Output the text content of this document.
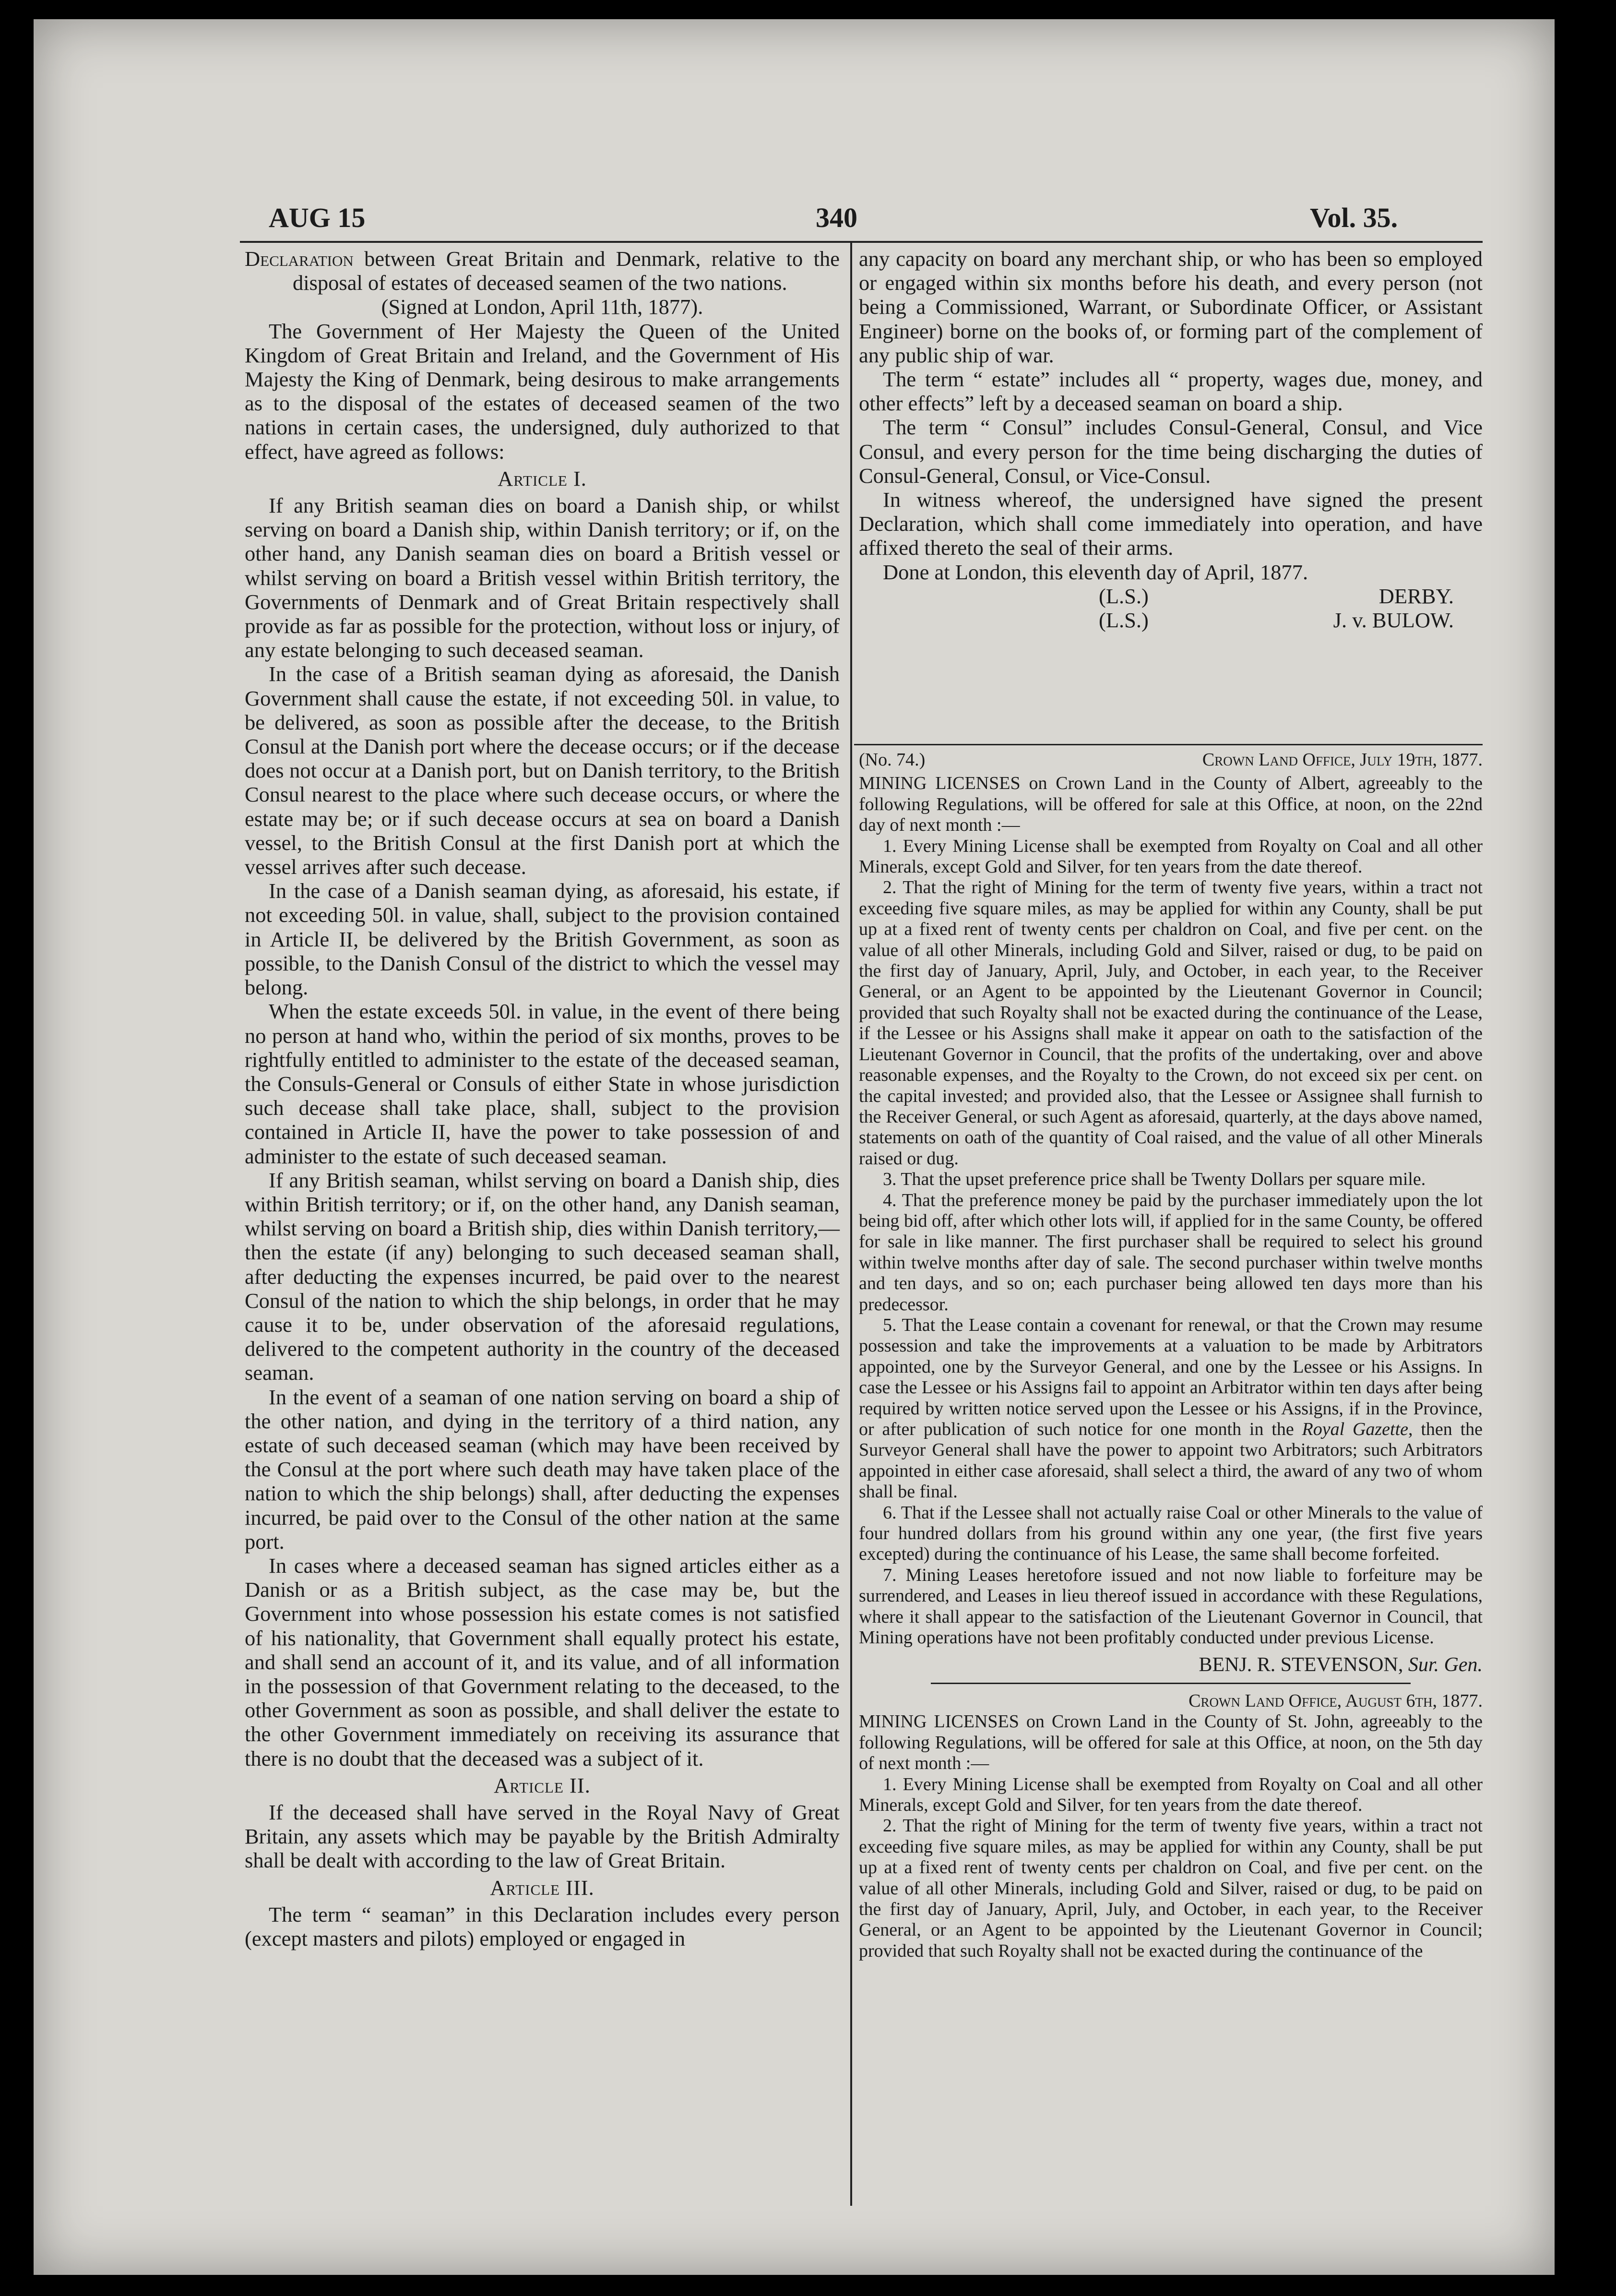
AUG 15	340	Vol. 35.

Declaration between Great Britain and Denmark, relative to the disposal of estates of deceased seamen of the two nations.

(Signed at London, April 11th, 1877).

The Government of Her Majesty the Queen of the United Kingdom of Great Britain and Ireland, and the Government of His Majesty the King of Denmark, being desirous to make arrangements as to the disposal of the estates of deceased seamen of the two nations in certain cases, the undersigned, duly authorized to that effect, have agreed as follows:

Article I.

If any British seaman dies on board a Danish ship, or whilst serving on board a Danish ship, within Danish territory; or if, on the other hand, any Danish seaman dies on board a British vessel or whilst serving on board a British vessel within British territory, the Governments of Denmark and of Great Britain respectively shall provide as far as possible for the protection, without loss or injury, of any estate belonging to such deceased seaman.

In the case of a British seaman dying as aforesaid, the Danish Government shall cause the estate, if not exceeding 50l. in value, to be delivered, as soon as possible after the decease, to the British Consul at the Danish port where the decease occurs; or if the decease does not occur at a Danish port, but on Danish territory, to the British Consul nearest to the place where such decease occurs, or where the estate may be; or if such decease occurs at sea on board a Danish vessel, to the British Consul at the first Danish port at which the vessel arrives after such decease.

In the case of a Danish seaman dying, as aforesaid, his estate, if not exceeding 50l. in value, shall, subject to the provision contained in Article II, be delivered by the British Government, as soon as possible, to the Danish Consul of the district to which the vessel may belong.

When the estate exceeds 50l. in value, in the event of there being no person at hand who, within the period of six months, proves to be rightfully entitled to administer to the estate of the deceased seaman, the Consuls-General or Consuls of either State in whose jurisdiction such decease shall take place, shall, subject to the provision contained in Article II, have the power to take possession of and administer to the estate of such deceased seaman.

If any British seaman, whilst serving on board a Danish ship, dies within British territory; or if, on the other hand, any Danish seaman, whilst serving on board a British ship, dies within Danish territory,—then the estate (if any) belonging to such deceased seaman shall, after deducting the expenses incurred, be paid over to the nearest Consul of the nation to which the ship belongs, in order that he may cause it to be, under observation of the aforesaid regulations, delivered to the competent authority in the country of the deceased seaman.

In the event of a seaman of one nation serving on board a ship of the other nation, and dying in the territory of a third nation, any estate of such deceased seaman (which may have been received by the Consul at the port where such death may have taken place of the nation to which the ship belongs) shall, after deducting the expenses incurred, be paid over to the Consul of the other nation at the same port.

In cases where a deceased seaman has signed articles either as a Danish or as a British subject, as the case may be, but the Government into whose possession his estate comes is not satisfied of his nationality, that Government shall equally protect his estate, and shall send an account of it, and its value, and of all information in the possession of that Government relating to the deceased, to the other Government as soon as possible, and shall deliver the estate to the other Government immediately on receiving its assurance that there is no doubt that the deceased was a subject of it.

Article II.

If the deceased shall have served in the Royal Navy of Great Britain, any assets which may be payable by the British Admiralty shall be dealt with according to the law of Great Britain.

Article III.

The term “ seaman” in this Declaration includes every person (except masters and pilots) employed or engaged in

any capacity on board any merchant ship, or who has been so employed or engaged within six months before his death, and every person (not being a Commissioned, Warrant, or Subordinate Officer, or Assistant Engineer) borne on the books of, or forming part of the complement of any public ship of war.

The term “ estate” includes all “ property, wages due, money, and other effects” left by a deceased seaman on board a ship.

The term “ Consul” includes Consul-General, Consul, and Vice Consul, and every person for the time being discharging the duties of Consul-General, Consul, or Vice-Consul.

In witness whereof, the undersigned have signed the present Declaration, which shall come immediately into operation, and have affixed thereto the seal of their arms.

Done at London, this eleventh day of April, 1877.

(L.S.)	DERBY.
(L.S.)	J. v. BULOW.
(No. 74.)	Crown Land Office, July 19th, 1877.

MINING LICENSES on Crown Land in the County of Albert, agreeably to the following Regulations, will be offered for sale at this Office, at noon, on the 22nd day of next month :—

1. Every Mining License shall be exempted from Royalty on Coal and all other Minerals, except Gold and Silver, for ten years from the date thereof.

2. That the right of Mining for the term of twenty five years, within a tract not exceeding five square miles, as may be applied for within any County, shall be put up at a fixed rent of twenty cents per chaldron on Coal, and five per cent. on the value of all other Minerals, including Gold and Silver, raised or dug, to be paid on the first day of January, April, July, and October, in each year, to the Receiver General, or an Agent to be appointed by the Lieutenant Governor in Council; provided that such Royalty shall not be exacted during the continuance of the Lease, if the Lessee or his Assigns shall make it appear on oath to the satisfaction of the Lieutenant Governor in Council, that the profits of the undertaking, over and above reasonable expenses, and the Royalty to the Crown, do not exceed six per cent. on the capital invested; and provided also, that the Lessee or Assignee shall furnish to the Receiver General, or such Agent as aforesaid, quarterly, at the days above named, statements on oath of the quantity of Coal raised, and the value of all other Minerals raised or dug.

3. That the upset preference price shall be Twenty Dollars per square mile.

4. That the preference money be paid by the purchaser immediately upon the lot being bid off, after which other lots will, if applied for in the same County, be offered for sale in like manner. The first purchaser shall be required to select his ground within twelve months after day of sale. The second purchaser within twelve months and ten days, and so on; each purchaser being allowed ten days more than his predecessor.

5. That the Lease contain a covenant for renewal, or that the Crown may resume possession and take the improvements at a valuation to be made by Arbitrators appointed, one by the Surveyor General, and one by the Lessee or his Assigns. In case the Lessee or his Assigns fail to appoint an Arbitrator within ten days after being required by written notice served upon the Lessee or his Assigns, if in the Province, or after publication of such notice for one month in the Royal Gazette, then the Surveyor General shall have the power to appoint two Arbitrators; such Arbitrators appointed in either case aforesaid, shall select a third, the award of any two of whom shall be final.

6. That if the Lessee shall not actually raise Coal or other Minerals to the value of four hundred dollars from his ground within any one year, (the first five years excepted) during the continuance of his Lease, the same shall become forfeited.

7. Mining Leases heretofore issued and not now liable to forfeiture may be surrendered, and Leases in lieu thereof issued in accordance with these Regulations, where it shall appear to the satisfaction of the Lieutenant Governor in Council, that Mining operations have not been profitably conducted under previous License.

BENJ. R. STEVENSON, Sur. Gen.

Crown Land Office, August 6th, 1877.

MINING LICENSES on Crown Land in the County of St. John, agreeably to the following Regulations, will be offered for sale at this Office, at noon, on the 5th day of next month :—

1. Every Mining License shall be exempted from Royalty on Coal and all other Minerals, except Gold and Silver, for ten years from the date thereof.

2. That the right of Mining for the term of twenty five years, within a tract not exceeding five square miles, as may be applied for within any County, shall be put up at a fixed rent of twenty cents per chaldron on Coal, and five per cent. on the value of all other Minerals, including Gold and Silver, raised or dug, to be paid on the first day of January, April, July, and October, in each year, to the Receiver General, or an Agent to be appointed by the Lieutenant Governor in Council; provided that such Royalty shall not be exacted during the continuance of the
